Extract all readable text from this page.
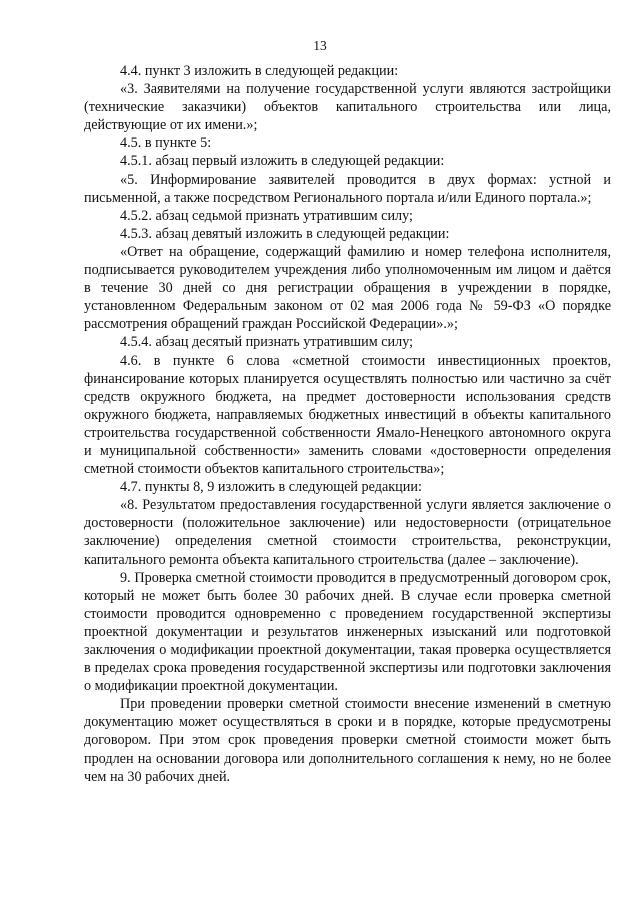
13

4.4. пункт 3 изложить в следующей редакции:

«3. Заявителями на получение государственной услуги являются застройщики (технические заказчики) объектов капитального строительства или лица, действующие от их имени.»;

4.5. в пункте 5:

4.5.1. абзац первый изложить в следующей редакции:

«5. Информирование заявителей проводится в двух формах: устной и письменной, а также посредством Регионального портала и/или Единого портала.»;

4.5.2. абзац седьмой признать утратившим силу;

4.5.3. абзац девятый изложить в следующей редакции:

«Ответ на обращение, содержащий фамилию и номер телефона исполнителя, подписывается руководителем учреждения либо уполномоченным им лицом и даётся в течение 30 дней со дня регистрации обращения в учреждении в порядке, установленном Федеральным законом от 02 мая 2006 года № 59-ФЗ «О порядке рассмотрения обращений граждан Российской Федерации».»;

4.5.4. абзац десятый признать утратившим силу;

4.6. в пункте 6 слова «сметной стоимости инвестиционных проектов, финансирование которых планируется осуществлять полностью или частично за счёт средств окружного бюджета, на предмет достоверности использования средств окружного бюджета, направляемых бюджетных инвестиций в объекты капитального строительства государственной собственности Ямало-Ненецкого автономного округа и муниципальной собственности» заменить словами «достоверности определения сметной стоимости объектов капитального строительства»;

4.7. пункты 8, 9 изложить в следующей редакции:

«8. Результатом предоставления государственной услуги является заключение о достоверности (положительное заключение) или недостоверности (отрицательное заключение) определения сметной стоимости строительства, реконструкции, капитального ремонта объекта капитального строительства (далее – заключение).

9. Проверка сметной стоимости проводится в предусмотренный договором срок, который не может быть более 30 рабочих дней. В случае если проверка сметной стоимости проводится одновременно с проведением государственной экспертизы проектной документации и результатов инженерных изысканий или подготовкой заключения о модификации проектной документации, такая проверка осуществляется в пределах срока проведения государственной экспертизы или подготовки заключения о модификации проектной документации.

При проведении проверки сметной стоимости внесение изменений в сметную документацию может осуществляться в сроки и в порядке, которые предусмотрены договором. При этом срок проведения проверки сметной стоимости может быть продлен на основании договора или дополнительного соглашения к нему, но не более чем на 30 рабочих дней.
